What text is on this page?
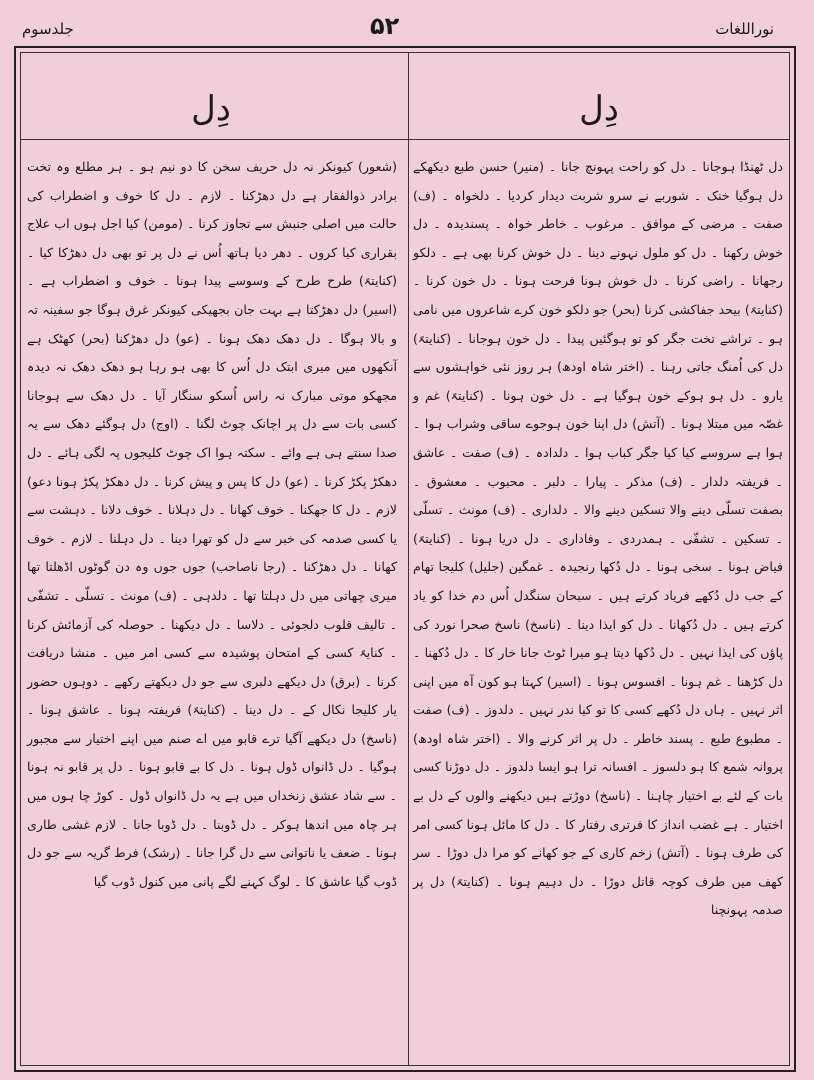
جلدسوم	۵۲	نوراللغات
دِل	دِل

(شعور) کیونکر نہ دل حریف سخن کا دو نیم ہو ۔ ہر مطلع وہ تخت برادر ذوالفقار ہے دل دھڑکنا ۔ لازم ۔ دل کا خوف و اضطراب کی حالت میں اصلی جنبش سے تجاوز کرنا ۔ (مومن) کیا اجل ہوں اب علاج بقراری کیا کروں ۔ دھر دیا ہاتھ اُس نے دل پر تو بھی دل دھڑکا کیا ۔ (کنایتہً) طرح طرح کے وسوسے پیدا ہونا ۔ خوف و اضطراب ہے ۔ (اسیر) دل دھڑکتا ہے بہت جان بجھیکی کیونکر غرق ہوگا جو سفینہ تہ و بالا ہوگا ۔ دل دھک دھک ہونا ۔ (عو) دل دھڑکنا (بحر) کھٹک ہے آنکھوں میں میری ابتک دل اُس کا بھی ہو رہا ہو دھک دھک نہ دیدہ مجھکو موتی مبارک نہ راس اُسکو سنگار آیا ۔ دل دھک سے ہوجانا کسی بات سے دل پر اچانک چوٹ لگنا ۔ (اوج) دل ہوگئے دھک سے یہ صدا سنتے ہی ہے وائے ۔ سکتہ ہوا اک چوٹ کلیجوں پہ لگی ہائے ۔ دل دھکڑ پکڑ کرنا ۔ (عو) دل کا پس و پیش کرنا ۔ دل دھکڑ پکڑ ہونا دعو) لازم ۔ دل کا جھکنا ۔ خوف کھانا ۔ دل دہلانا ۔ خوف دلانا ۔ دہشت سے یا کسی صدمہ کی خبر سے دل کو تھرا دینا ۔ دل دہلنا ۔ لازم ۔ خوف کھانا ۔ دل دھڑکنا ۔ (رجا ناصاحب) جوں جوں وہ دن گوٹوں اڈھلتا تھا میری چھاتی میں دل دہلتا تھا ۔ دلدہی ۔ (ف) مونث ۔ تسلّی ۔ تشفّی ۔ تالیف قلوب دلجوئی ۔ دلاسا ۔ دل دیکھنا ۔ حوصلہ کی آزمائش کرنا ۔ کنایہً کسی کے امتحان پوشیدہ سے کسی امر میں ۔ منشا دریافت کرنا ۔ (برق) دل دیکھے دلبری سے جو دل دیکھتے رکھے ۔ دوہوں حضور یار کلیجا نکال کے ۔ دل دینا ۔ (کنایتہً) فریفتہ ہونا ۔ عاشق ہونا ۔ (ناسخ) دل دیکھے آگیا ترے قابو میں اے صنم میں اپنے اختیار سے مجبور ہوگیا ۔ دل ڈانواں ڈول ہونا ۔ دل کا بے قابو ہونا ۔ دل پر قابو نہ ہونا ۔ سے شاد عشق زنخداں میں ہے یہ دل ڈانواں ڈول ۔ کوڑ چا ہوں میں ہر چاہ میں اندھا ہوکر ۔ دل ڈوبنا ۔ دل ڈوبا جانا ۔ لازم غشی طاری ہونا ۔ ضعف یا ناتوانی سے دل گرا جانا ۔ (رشک) فرط گریہ سے جو دل ڈوب گیا عاشق کا ۔ لوگ کہنے لگے پانی میں کنول ڈوب گیا

دل ٹھنڈا ہوجانا ۔ دل کو راحت پہونچ جانا ۔ (منیر) حسن طبع دیکھکے دل ہوگیا خنک ۔ شوربے نے سرو شربت دیدار کردیا ۔ دلخواہ ۔ (ف) صفت ۔ مرضی کے موافق ۔ مرغوب ۔ خاطر خواہ ۔ پسندیدہ ۔ دل خوش رکھنا ۔ دل کو ملول نہونے دینا ۔ دل خوش کرنا بھی ہے ۔ دلکو رجھانا ۔ راضی کرنا ۔ دل خوش ہونا فرحت ہونا ۔ دل خون کرنا ۔ (کنایتہً) بیحد جفاکشی کرنا (بحر) جو دلکو خون کرے شاعروں میں نامی ہو ۔ تراشے تخت جگر کو تو ہوگئیں پیدا ۔ دل خون ہوجانا ۔ (کنایتہً) دل کی اُمنگ جاتی رہنا ۔ (اختر شاہ اودھ) ہر روز نئی خواہشوں سے یارو ۔ دل ہو ہوکے خون ہوگیا ہے ۔ دل خون ہونا ۔ (کنایتہً) غم و غصّہ میں مبتلا ہونا ۔ (آتش) دل اپنا خون ہوجوے ساقی وشراب ہوا ۔ ہوا ہے سروسے کیا کیا جگر کباب ہوا ۔ دلدادہ ۔ (ف) صفت ۔ عاشق ۔ فریفتہ دلدار ۔ (ف) مذکر ۔ پیارا ۔ دلبر ۔ محبوب ۔ معشوق ۔ بصفت تسلّی دینے والا تسکین دینے والا ۔ دلداری ۔ (ف) مونث ۔ تسلّی ۔ تسکین ۔ تشفّی ۔ ہمدردی ۔ وفاداری ۔ دل دریا ہونا ۔ (کنایتہً) فیاض ہونا ۔ سخی ہونا ۔ دل دُکھا رنجیدہ ۔ غمگین (جلیل) کلیجا تھام کے جب دل دُکھے فریاد کرتے ہیں ۔ سبحان سنگدل اُس دم خدا کو یاد کرتے ہیں ۔ دل دُکھانا ۔ دل کو ایذا دینا ۔ (ناسخ) ناسخ صحرا نورد کی پاؤں کی ایذا نہیں ۔ دل دُکھا دیتا ہو میرا ٹوٹ جانا خار کا ۔ دل دُکھنا ۔ دل کڑھنا ۔ غم ہونا ۔ افسوس ہونا ۔ (اسیر) کہتا ہو کون آہ میں اپنی اثر نہیں ۔ ہاں دل دُکھے کسی کا تو کیا ندر نہیں ۔ دلدوز ۔ (ف) صفت ۔ مطبوع طبع ۔ پسند خاطر ۔ دل پر اثر کرنے والا ۔ (اختر شاہ اودھ) پروانہ شمع کا ہو دلسوز ۔ افسانہ ترا ہو ایسا دلدوز ۔ دل دوڑنا کسی بات کے لئے بے اختیار چاہنا ۔ (ناسخ) دوڑتے ہیں دیکھنے والوں کے دل بے اختیار ۔ ہے غضب انداز کا فرتری رفتار کا ۔ دل کا مائل ہونا کسی امر کی طرف ہونا ۔ (آتش) زخم کاری کے جو کھانے کو مرا دل دوڑا ۔ سر کھف میں طرف کوچہ قاتل دوڑا ۔ دل دہیم ہونا ۔ (کنایتہً) دل پر صدمہ پہونچنا
